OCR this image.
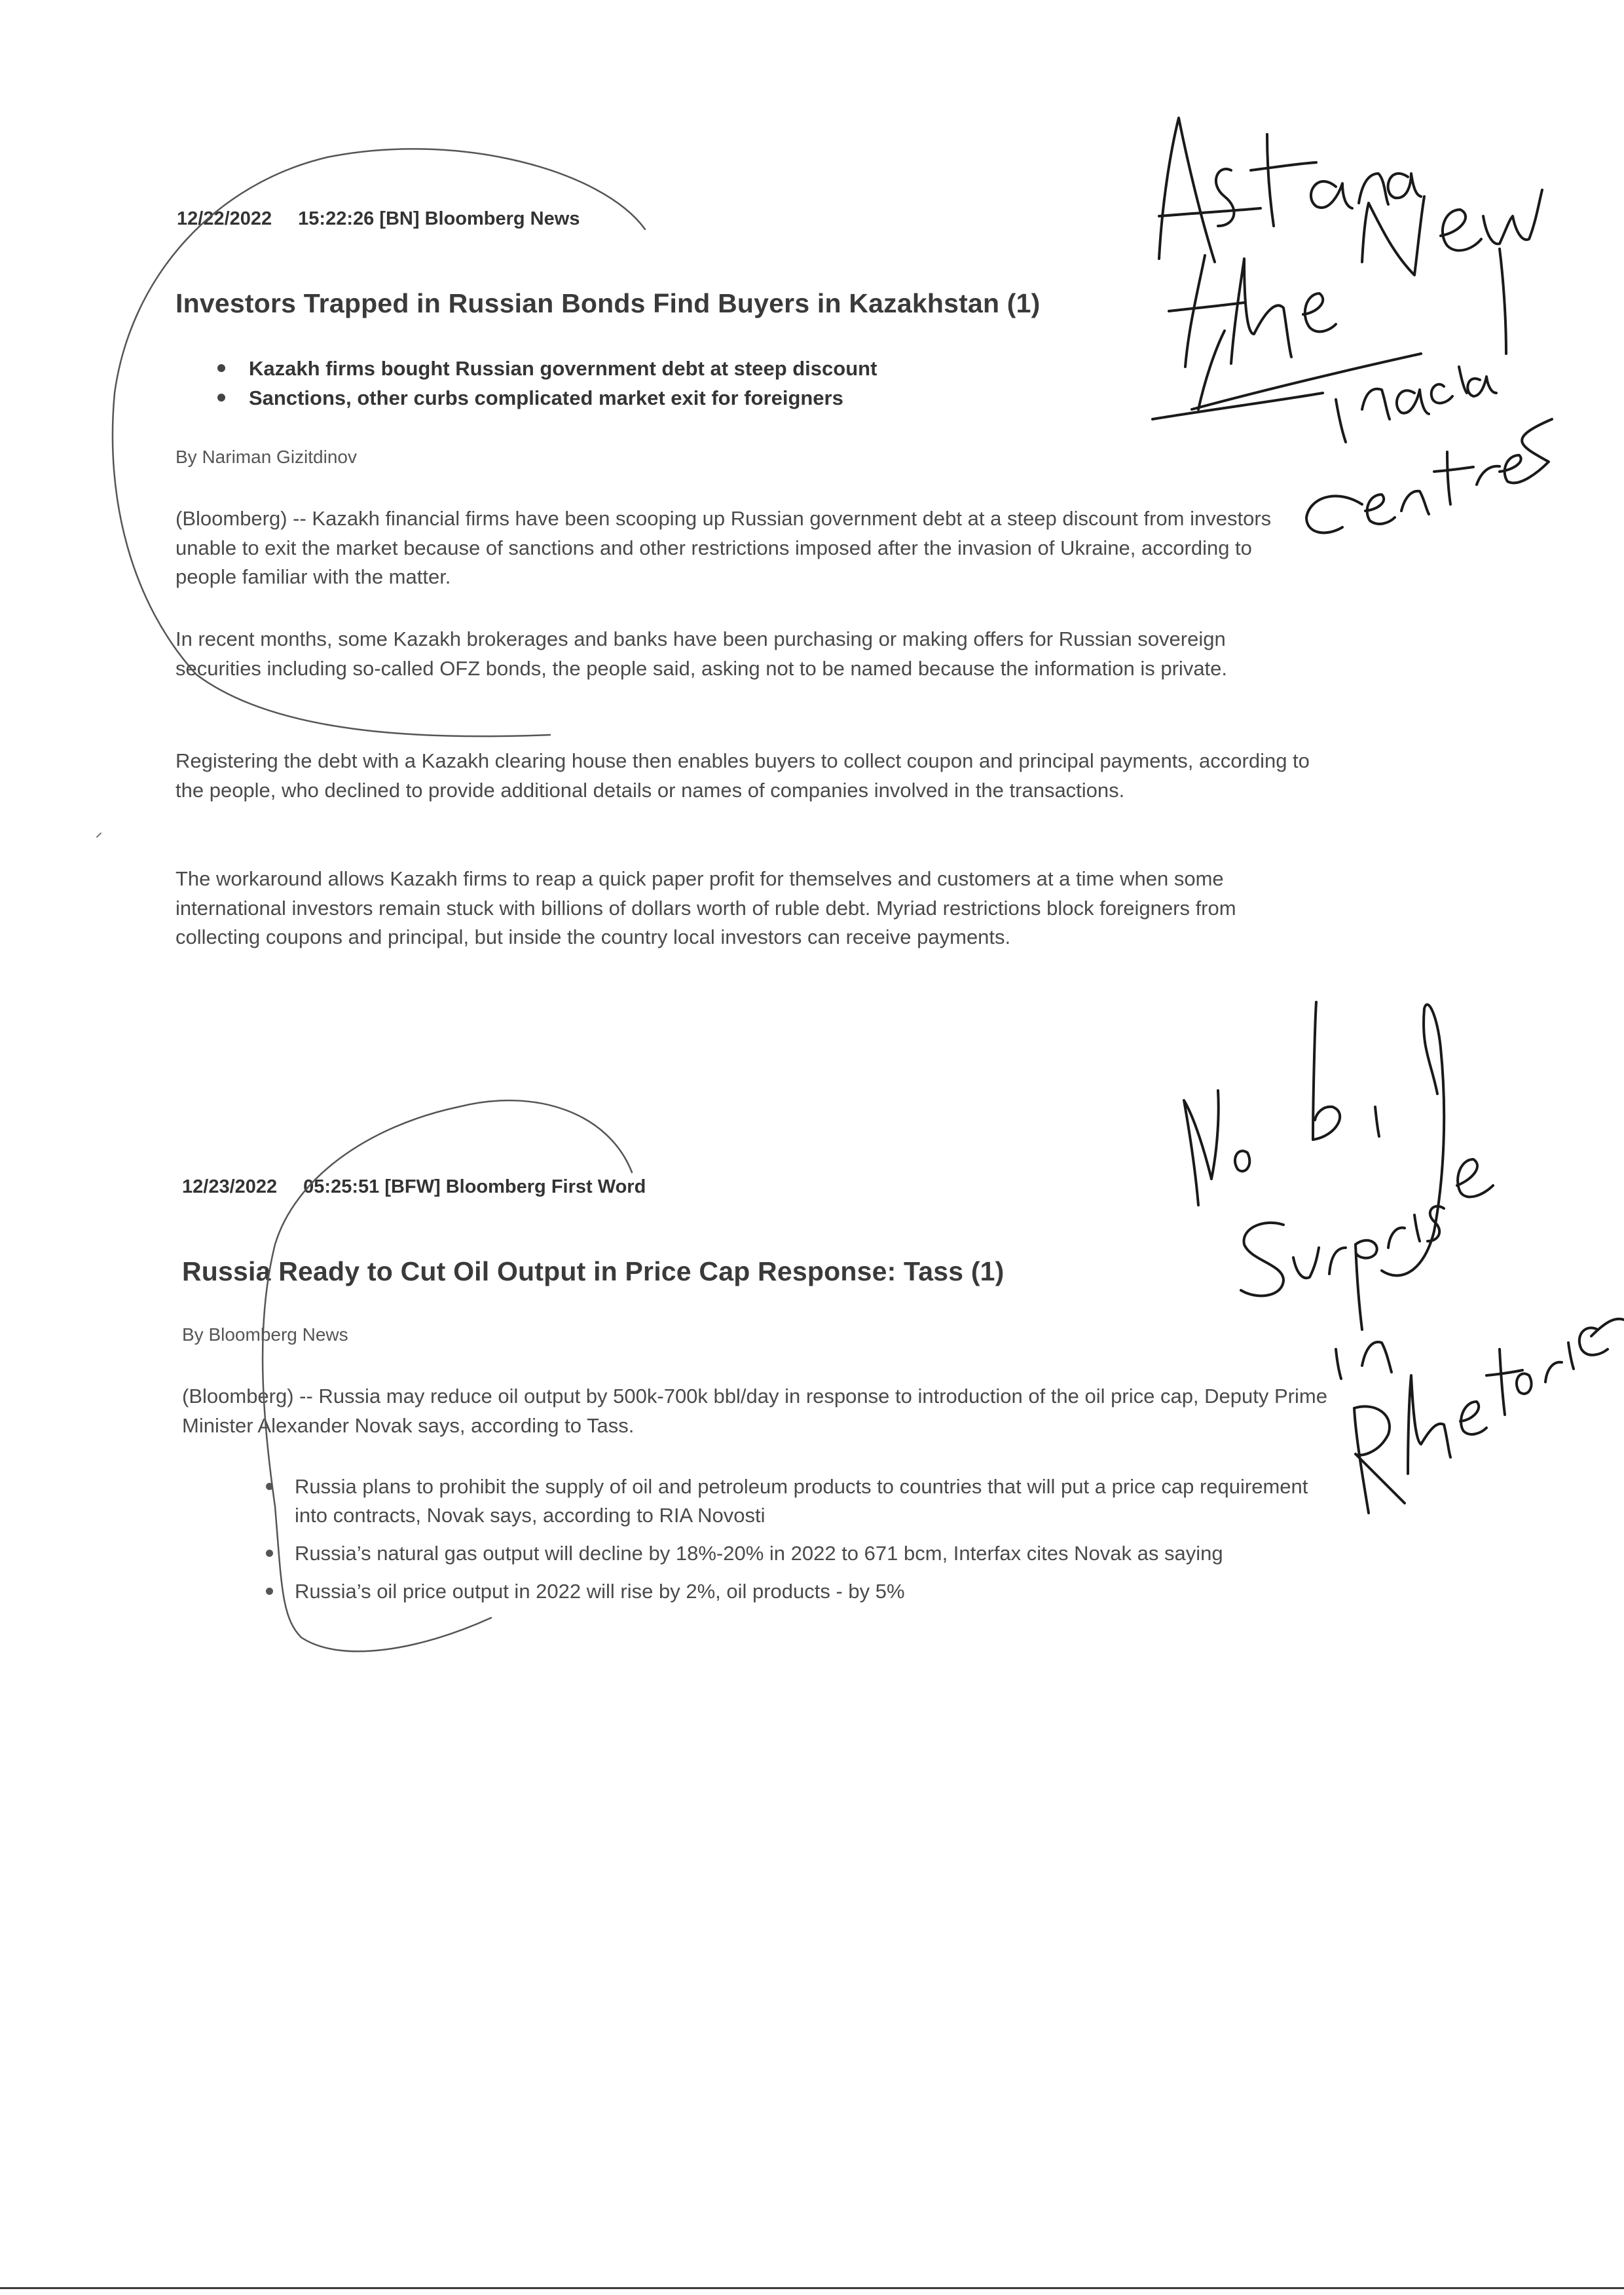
12/22/2022 15:22:26 [BN] Bloomberg News
Investors Trapped in Russian Bonds Find Buyers in Kazakhstan (1)
Kazakh firms bought Russian government debt at steep discount
Sanctions, other curbs complicated market exit for foreigners
By Nariman Gizitdinov

(Bloomberg) -- Kazakh financial firms have been scooping up Russian government debt at a steep discount from investors unable to exit the market because of sanctions and other restrictions imposed after the invasion of Ukraine, according to people familiar with the matter.

In recent months, some Kazakh brokerages and banks have been purchasing or making offers for Russian sovereign securities including so-called OFZ bonds, the people said, asking not to be named because the information is private.

Registering the debt with a Kazakh clearing house then enables buyers to collect coupon and principal payments, according to the people, who declined to provide additional details or names of companies involved in the transactions.

The workaround allows Kazakh firms to reap a quick paper profit for themselves and customers at a time when some international investors remain stuck with billions of dollars worth of ruble debt. Myriad restrictions block foreigners from collecting coupons and principal, but inside the country local investors can receive payments.

12/23/2022 05:25:51 [BFW] Bloomberg First Word
Russia Ready to Cut Oil Output in Price Cap Response: Tass (1)
By Bloomberg News

(Bloomberg) -- Russia may reduce oil output by 500k-700k bbl/day in response to introduction of the oil price cap, Deputy Prime Minister Alexander Novak says, according to Tass.

Russia plans to prohibit the supply of oil and petroleum products to countries that will put a price cap requirement into contracts, Novak says, according to RIA Novosti
Russia’s natural gas output will decline by 18%-20% in 2022 to 671 bcm, Interfax cites Novak as saying
Russia’s oil price output in 2022 will rise by 2%, oil products - by 5%
